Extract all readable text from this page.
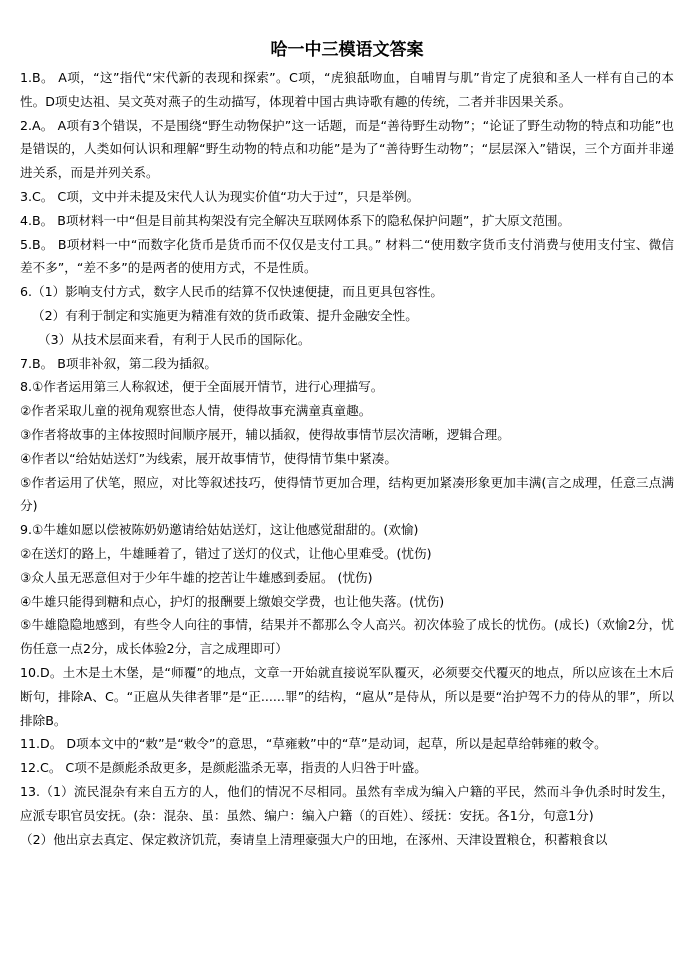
哈一中三模语文答案

1.B。 A项，“这”指代“宋代新的表现和探索”。C项，“虎狼舐吻血，自哺胃与肌”肯定了虎狼和圣人一样有自己的本性。D项史达祖、吴文英对燕子的生动描写，体现着中国古典诗歌有趣的传统，二者并非因果关系。

2.A。 A项有3个错误，不是围绕“野生动物保护”这一话题，而是“善待野生动物”；“论证了野生动物的特点和功能”也是错误的，人类如何认识和理解“野生动物的特点和功能”是为了“善待野生动物”；“层层深入”错误，三个方面并非递进关系，而是并列关系。

3.C。 C项，文中并未提及宋代人认为现实价值“功大于过”，只是举例。

4.B。 B项材料一中“但是目前其构架没有完全解决互联网体系下的隐私保护问题”，扩大原文范围。

5.B。 B项材料一中“而数字化货币是货币而不仅仅是支付工具。” 材料二“使用数字货币支付消费与使用支付宝、微信差不多”，“差不多”的是两者的使用方式，不是性质。

6.（1）影响支付方式，数字人民币的结算不仅快速便捷，而且更具包容性。

（2）有利于制定和实施更为精准有效的货币政策、提升金融安全性。

（3）从技术层面来看，有利于人民币的国际化。

7.B。 B项非补叙，第二段为插叙。

8.①作者运用第三人称叙述，便于全面展开情节，进行心理描写。

②作者采取儿童的视角观察世态人情，使得故事充满童真童趣。

③作者将故事的主体按照时间顺序展开，辅以插叙，使得故事情节层次清晰，逻辑合理。

④作者以“给姑姑送灯”为线索，展开故事情节，使得情节集中紧凑。

⑤作者运用了伏笔，照应，对比等叙述技巧，使得情节更加合理，结构更加紧凑形象更加丰满(言之成理，任意三点满分)

9.①牛雄如愿以偿被陈奶奶邀请给姑姑送灯，这让他感觉甜甜的。(欢愉)

②在送灯的路上，牛雄睡着了，错过了送灯的仪式，让他心里难受。(忧伤)

③众人虽无恶意但对于少年牛雄的挖苦让牛雄感到委屈。 (忧伤)

④牛雄只能得到糖和点心，护灯的报酬要上缴娘交学费，也让他失落。(忧伤)

⑤牛雄隐隐地感到，有些令人向往的事情，结果并不都那么令人高兴。初次体验了成长的忧伤。(成长)（欢愉2分，忧伤任意一点2分，成长体验2分，言之成理即可）

10.D。土木是土木堡，是“师覆”的地点，文章一开始就直接说军队覆灭，必须要交代覆灭的地点，所以应该在土木后断句，排除A、C。“正扈从失律者罪”是“正......罪”的结构，“扈从”是侍从，所以是要“治护驾不力的侍从的罪”，所以排除B。

11.D。 D项本文中的“敕”是“敕令”的意思，“草雍敕”中的“草”是动词，起草，所以是起草给韩雍的敕令。

12.C。 C项不是颜彪杀敌更多，是颜彪滥杀无辜，指责的人归咎于叶盛。

13.（1）流民混杂有来自五方的人，他们的情况不尽相同。虽然有幸成为编入户籍的平民，然而斗争仇杀时时发生，应派专职官员安抚。(杂：混杂、虽：虽然、编户：编入户籍（的百姓）、绥抚：安抚。各1分，句意1分)

（2）他出京去真定、保定救济饥荒，奏请皇上清理豪强大户的田地，在涿州、天津设置粮仓，积蓄粮食以
